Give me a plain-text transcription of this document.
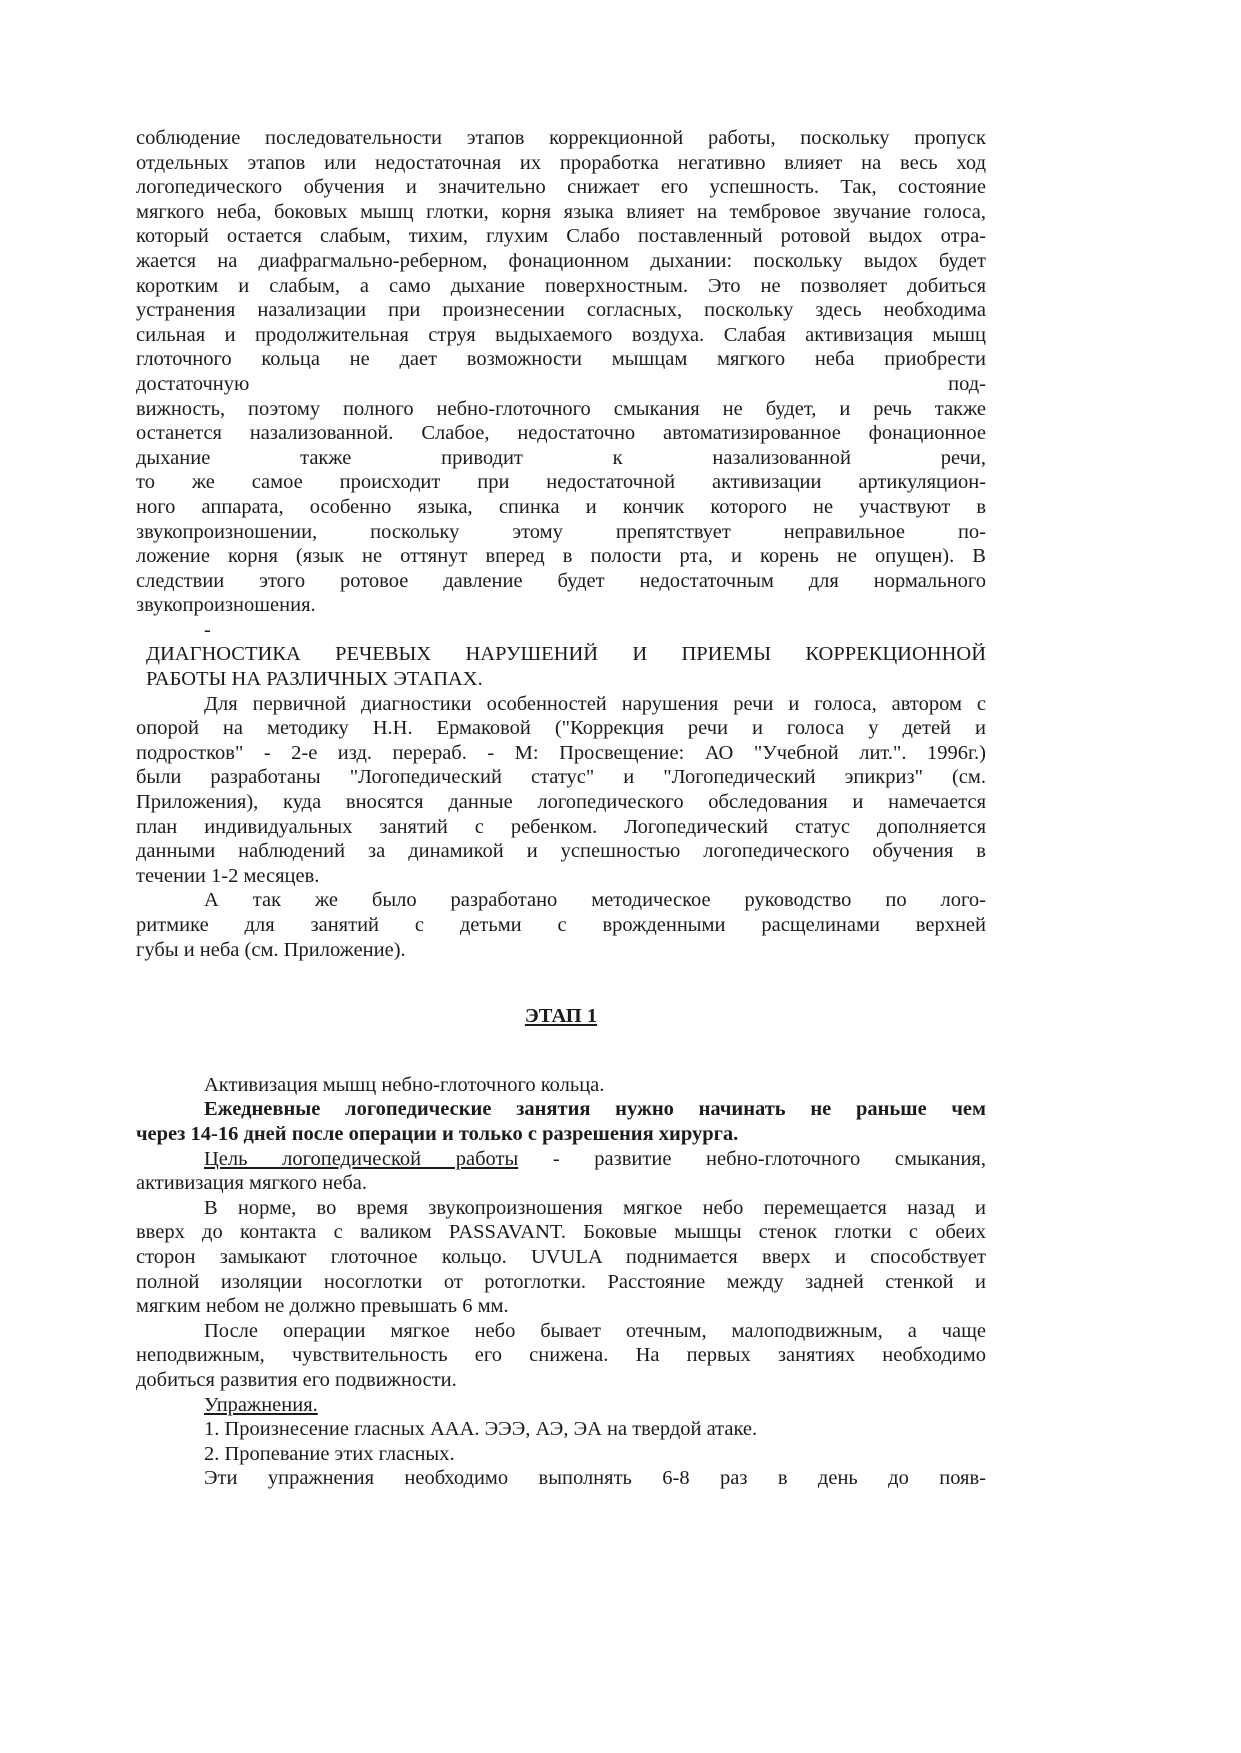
соблюдение последовательности этапов коррекционной работы, поскольку пропуск
отдельных этапов или недостаточная их проработка негативно влияет на весь ход
логопедического обучения и значительно снижает его успешность. Так, состояние
мягкого неба, боковых мышц глотки, корня языка влияет на тембровое звучание голоса,
который остается слабым, тихим, глухим Слабо поставленный ротовой выдох отра-
жается на диафрагмально-реберном, фонационном дыхании: поскольку выдох будет
коротким и слабым, а само дыхание поверхностным. Это не позволяет добиться
устранения назализации при произнесении согласных, поскольку здесь необходима
сильная и продолжительная струя выдыхаемого воздуха. Слабая активизация мышц
глоточного кольца не дает возможности мышцам мягкого неба приобрести
достаточную под-
вижность, поэтому полного небно-глоточного смыкания не будет, и речь также
останется назализованной. Слабое, недостаточно автоматизированное фонационное
дыхание также приводит к назализованной речи,
то же самое происходит при недостаточной активизации артикуляцион-
ного аппарата, особенно языка, спинка и кончик которого не участвуют в
звукопроизношении, поскольку этому препятствует неправильное по-
ложение корня (язык не оттянут вперед в полости рта, и корень не опущен). В
следствии этого ротовое давление будет недостаточным для нормального
звукопроизношения.
-
ДИАГНОСТИКА РЕЧЕВЫХ НАРУШЕНИЙ И ПРИЕМЫ КОРРЕКЦИОННОЙ
РАБОТЫ НА РАЗЛИЧНЫХ ЭТАПАХ.
Для первичной диагностики особенностей нарушения речи и голоса, автором с
опорой на методику Н.Н. Ермаковой ("Коррекция речи и голоса у детей и
подростков" - 2-е изд. перераб. - М: Просвещение: АО "Учебной лит.". 1996г.)
были разработаны "Логопедический статус" и "Логопедический эпикриз" (см.
Приложения), куда вносятся данные логопедического обследования и намечается
план индивидуальных занятий с ребенком. Логопедический статус дополняется
данными наблюдений за динамикой и успешностью логопедического обучения в
течении 1-2 месяцев.
А так же было разработано методическое руководство по лого-
ритмике для занятий с детьми с врожденными расщелинами верхней
губы и неба (см. Приложение).
ЭТАП 1
Активизация мышц небно-глоточного кольца.
Ежедневные логопедические занятия нужно начинать не раньше чем
через 14-16 дней после операции и только с разрешения хирурга.
Цель логопедической работы - развитие небно-глоточного смыкания,
активизация мягкого неба.
В норме, во время звукопроизношения мягкое небо перемещается назад и
вверх до контакта с валиком PASSAVANT. Боковые мышцы стенок глотки с обеих
сторон замыкают глоточное кольцо. UVULA поднимается вверх и способствует
полной изоляции носоглотки от ротоглотки. Расстояние между задней стенкой и
мягким небом не должно превышать 6 мм.
После операции мягкое небо бывает отечным, малоподвижным, а чаще
неподвижным, чувствительность его снижена. На первых занятиях необходимо
добиться развития его подвижности.
Упражнения.
1. Произнесение гласных ААА. ЭЭЭ, АЭ, ЭА на твердой атаке.
2. Пропевание этих гласных.
Эти упражнения необходимо выполнять 6-8 раз в день до появ-
